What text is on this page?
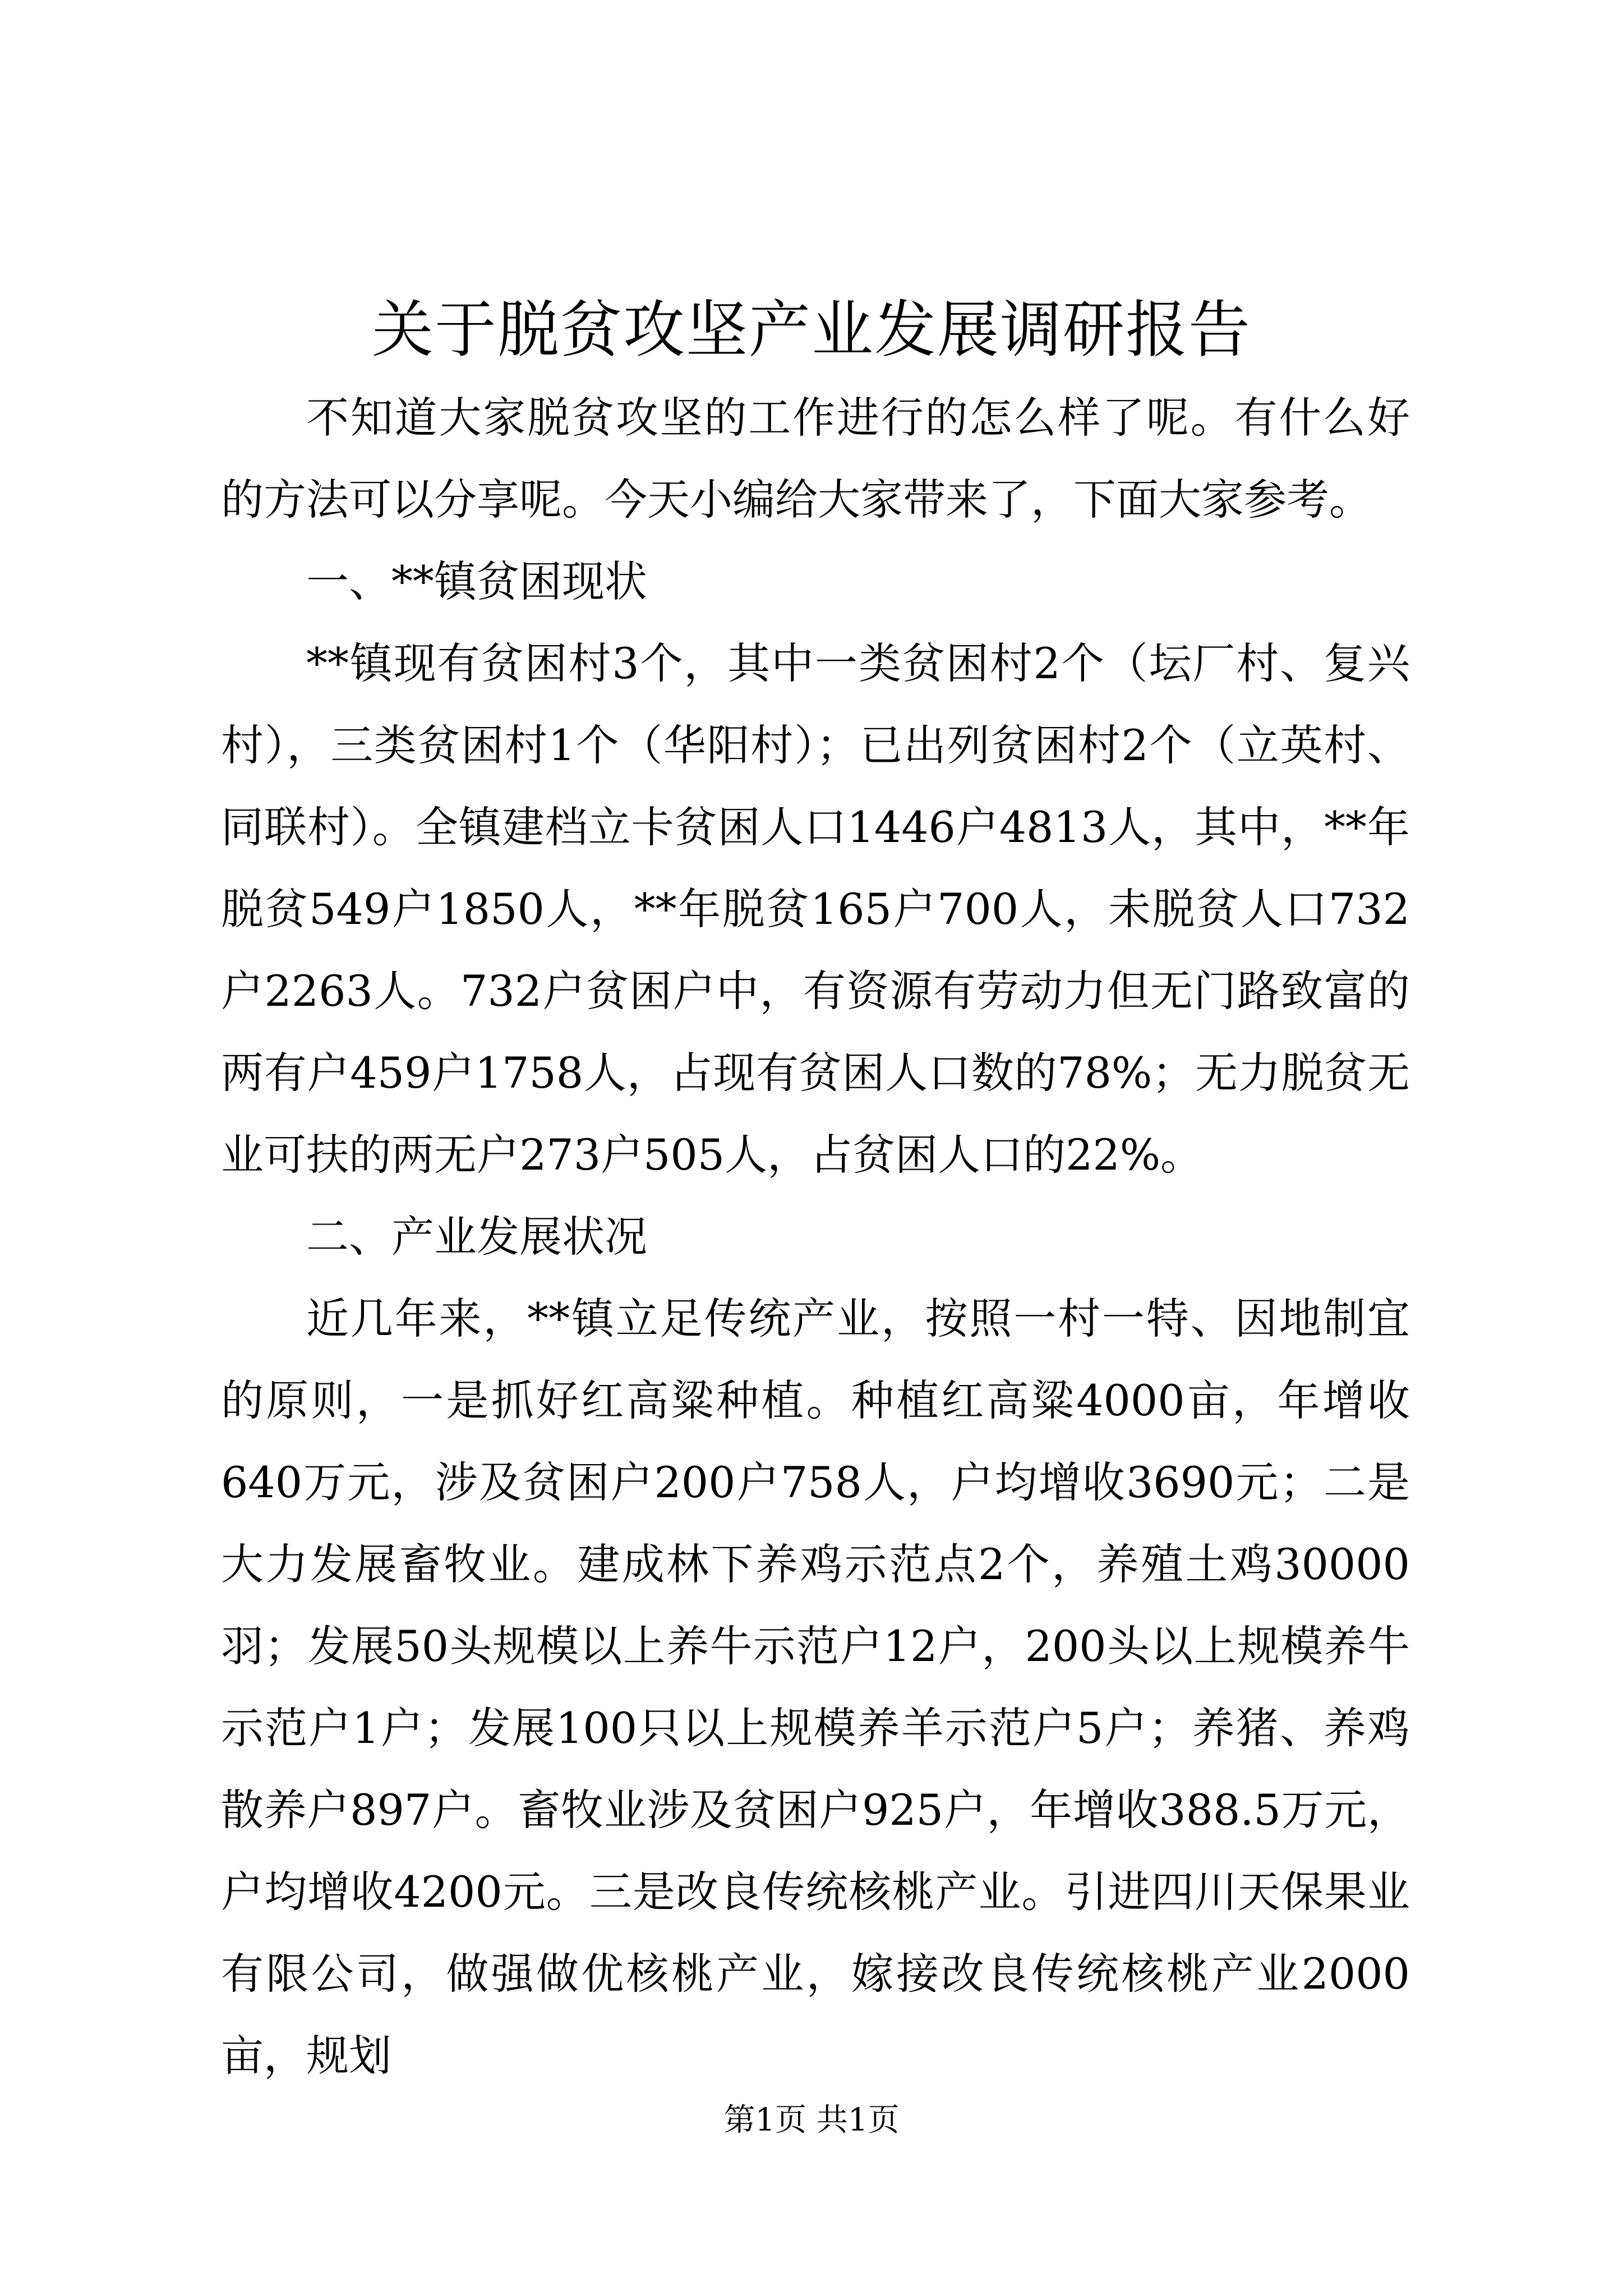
关于脱贫攻坚产业发展调研报告

不知道大家脱贫攻坚的工作进行的怎么样了呢。有什么好的方法可以分享呢。今天小编给大家带来了，下面大家参考。

一、**镇贫困现状

**镇现有贫困村3个，其中一类贫困村2个（坛厂村、复兴村），三类贫困村1个（华阳村）；已出列贫困村2个（立英村、同联村）。全镇建档立卡贫困人口1446户4813人，其中，**年脱贫549户1850人，**年脱贫165户700人，未脱贫人口732户2263人。732户贫困户中，有资源有劳动力但无门路致富的两有户459户1758人，占现有贫困人口数的78%；无力脱贫无业可扶的两无户273户505人，占贫困人口的22%。

二、产业发展状况

近几年来，**镇立足传统产业，按照一村一特、因地制宜的原则，一是抓好红高粱种植。种植红高粱4000亩，年增收640万元，涉及贫困户200户758人，户均增收3690元；二是大力发展畜牧业。建成林下养鸡示范点2个，养殖土鸡30000羽；发展50头规模以上养牛示范户12户，200头以上规模养牛示范户1户；发展100只以上规模养羊示范户5户；养猪、养鸡散养户897户。畜牧业涉及贫困户925户，年增收388.5万元，户均增收4200元。三是改良传统核桃产业。引进四川天保果业有限公司，做强做优核桃产业，嫁接改良传统核桃产业2000亩，规划

第1页 共1页
